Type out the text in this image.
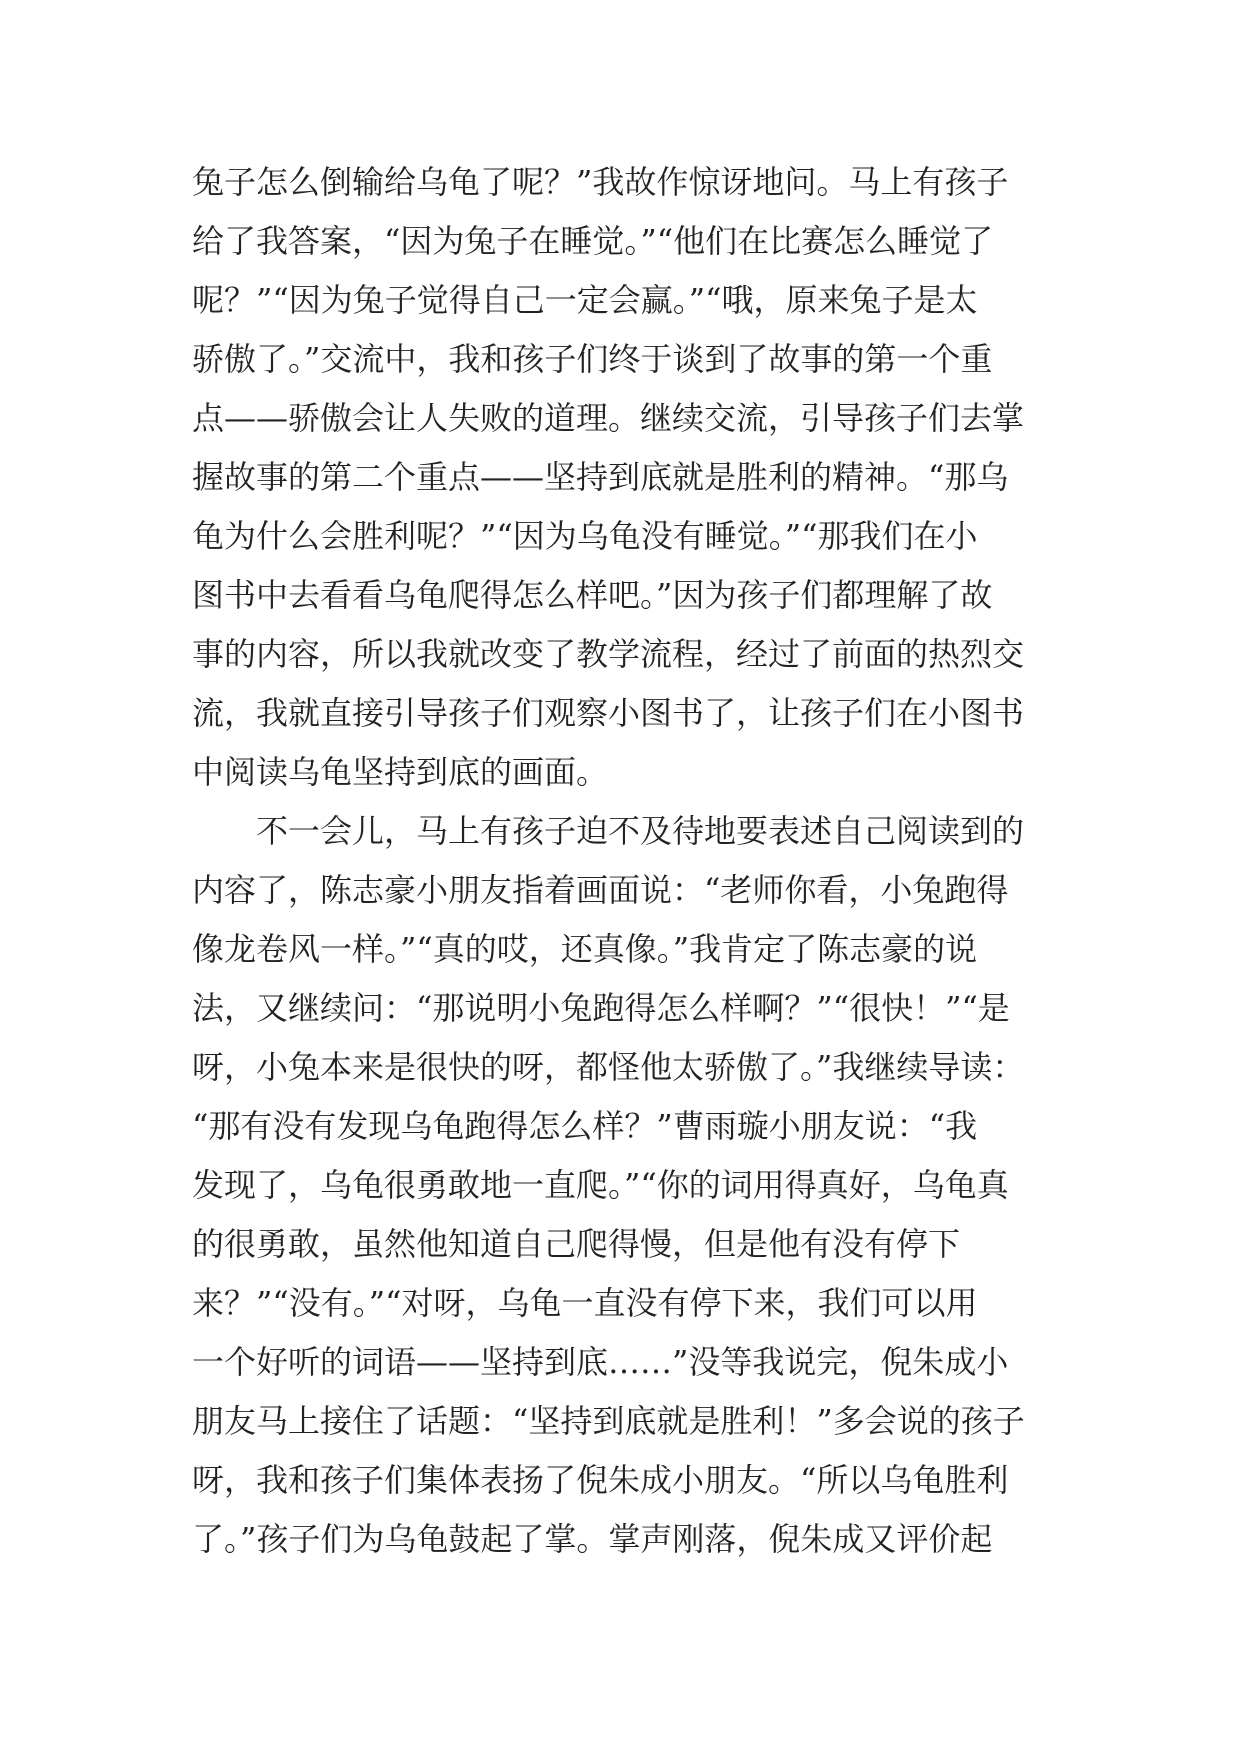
兔子怎么倒输给乌龟了呢？”我故作惊讶地问。马上有孩子
给了我答案，“因为兔子在睡觉。”“他们在比赛怎么睡觉了
呢？”“因为兔子觉得自己一定会赢。”“哦，原来兔子是太
骄傲了。”交流中，我和孩子们终于谈到了故事的第一个重
点——骄傲会让人失败的道理。继续交流，引导孩子们去掌
握故事的第二个重点——坚持到底就是胜利的精神。“那乌
龟为什么会胜利呢？”“因为乌龟没有睡觉。”“那我们在小
图书中去看看乌龟爬得怎么样吧。”因为孩子们都理解了故
事的内容，所以我就改变了教学流程，经过了前面的热烈交
流，我就直接引导孩子们观察小图书了，让孩子们在小图书
中阅读乌龟坚持到底的画面。
不一会儿，马上有孩子迫不及待地要表述自己阅读到的
内容了，陈志豪小朋友指着画面说：“老师你看，小兔跑得
像龙卷风一样。”“真的哎，还真像。”我肯定了陈志豪的说
法，又继续问：“那说明小兔跑得怎么样啊？”“很快！”“是
呀，小兔本来是很快的呀，都怪他太骄傲了。”我继续导读：
“那有没有发现乌龟跑得怎么样？”曹雨璇小朋友说：“我
发现了，乌龟很勇敢地一直爬。”“你的词用得真好，乌龟真
的很勇敢，虽然他知道自己爬得慢，但是他有没有停下
来？”“没有。”“对呀，乌龟一直没有停下来，我们可以用
一个好听的词语——坚持到底……”没等我说完，倪朱成小
朋友马上接住了话题：“坚持到底就是胜利！”多会说的孩子
呀，我和孩子们集体表扬了倪朱成小朋友。“所以乌龟胜利
了。”孩子们为乌龟鼓起了掌。掌声刚落，倪朱成又评价起
